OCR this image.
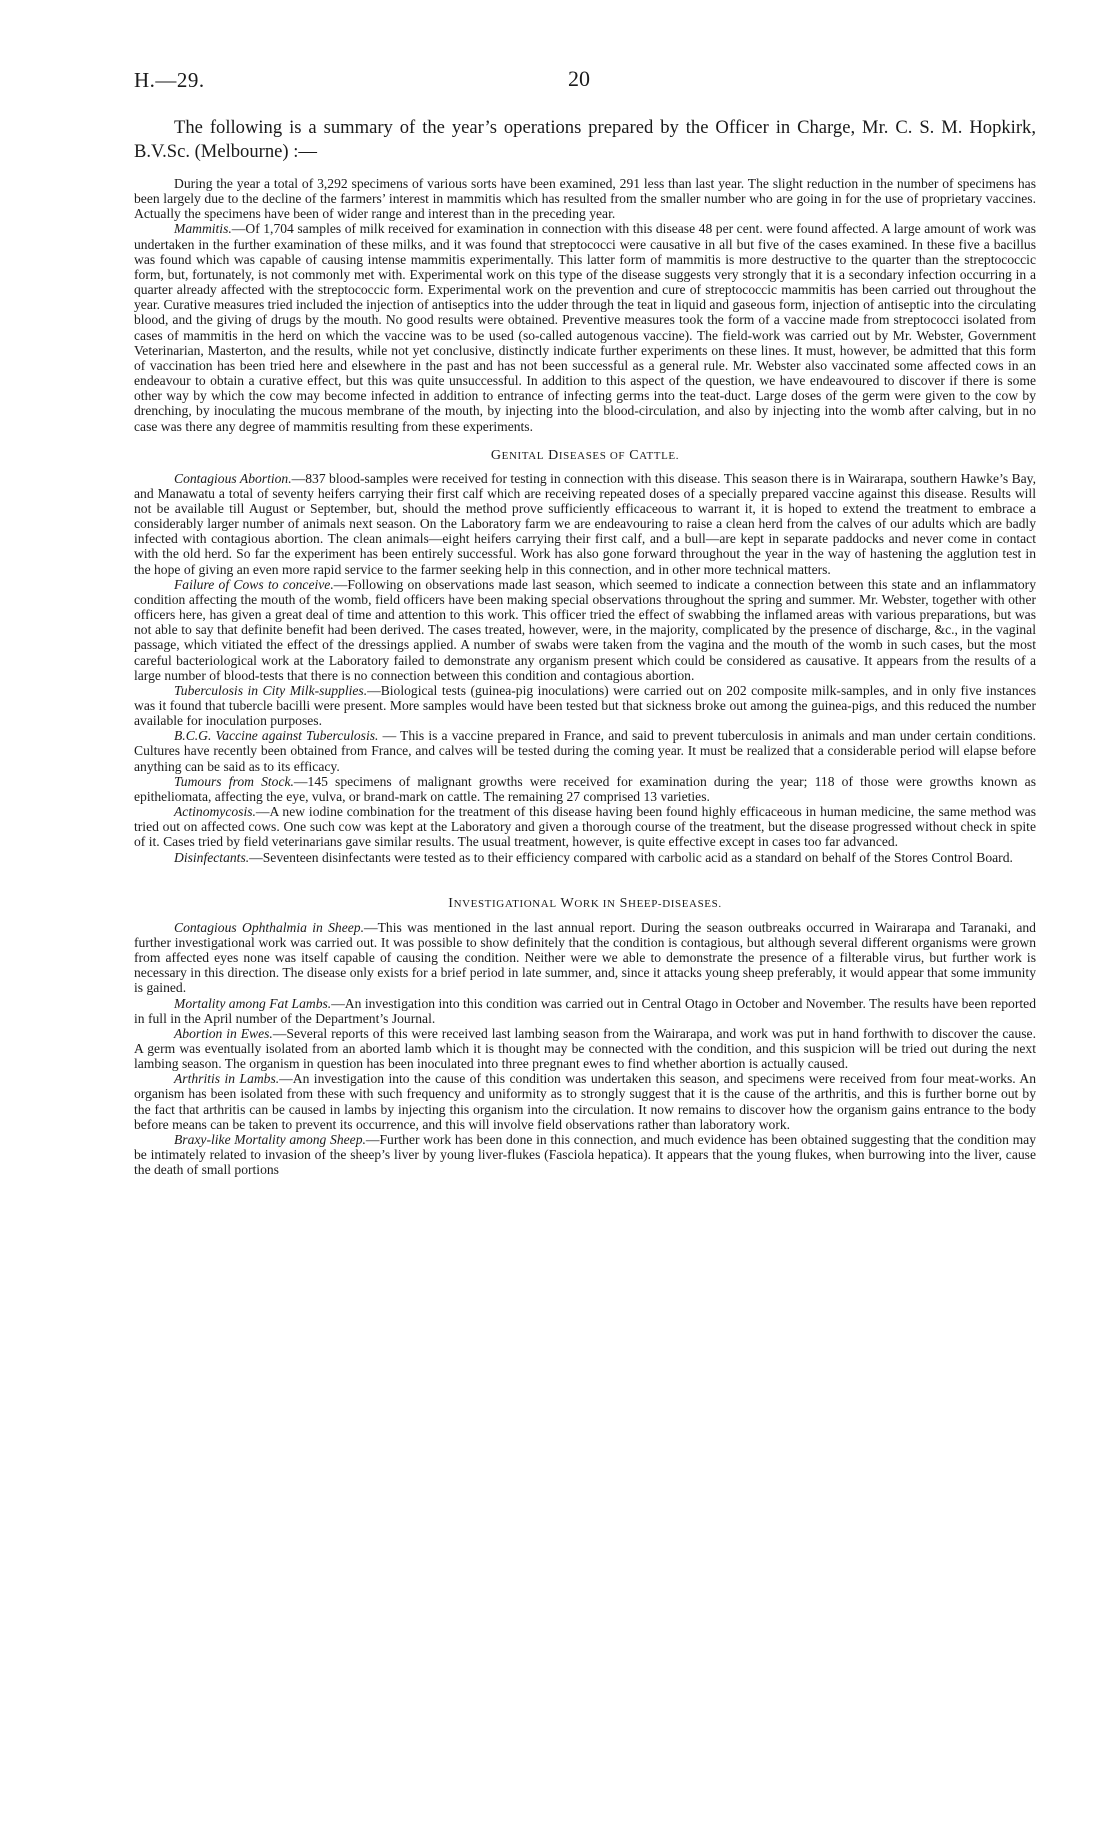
H.—29.	20

The following is a summary of the year’s operations prepared by the Officer in Charge, Mr. C. S. M. Hopkirk, B.V.Sc. (Melbourne) :—

During the year a total of 3,292 specimens of various sorts have been examined, 291 less than last year. The slight reduction in the number of specimens has been largely due to the decline of the farmers’ interest in mammitis which has resulted from the smaller number who are going in for the use of proprietary vaccines. Actually the specimens have been of wider range and interest than in the preceding year.

Mammitis.—Of 1,704 samples of milk received for examination in connection with this disease 48 per cent. were found affected. A large amount of work was undertaken in the further examination of these milks, and it was found that streptococci were causative in all but five of the cases examined. In these five a bacillus was found which was capable of causing intense mammitis experimentally. This latter form of mammitis is more destructive to the quarter than the streptococcic form, but, fortunately, is not commonly met with. Experimental work on this type of the disease suggests very strongly that it is a secondary infection occurring in a quarter already affected with the streptococcic form. Experimental work on the prevention and cure of streptococcic mammitis has been carried out throughout the year. Curative measures tried included the injection of antiseptics into the udder through the teat in liquid and gaseous form, injection of antiseptic into the circulating blood, and the giving of drugs by the mouth. No good results were obtained. Preventive measures took the form of a vaccine made from streptococci isolated from cases of mammitis in the herd on which the vaccine was to be used (so-called autogenous vaccine). The field-work was carried out by Mr. Webster, Government Veterinarian, Masterton, and the results, while not yet conclusive, distinctly indicate further experiments on these lines. It must, however, be admitted that this form of vaccination has been tried here and elsewhere in the past and has not been successful as a general rule. Mr. Webster also vaccinated some affected cows in an endeavour to obtain a curative effect, but this was quite unsuccessful. In addition to this aspect of the question, we have endeavoured to discover if there is some other way by which the cow may become infected in addition to entrance of infecting germs into the teat-duct. Large doses of the germ were given to the cow by drenching, by inoculating the mucous membrane of the mouth, by injecting into the blood-circulation, and also by injecting into the womb after calving, but in no case was there any degree of mammitis resulting from these experiments.

GENITAL DISEASES OF CATTLE.

Contagious Abortion.—837 blood-samples were received for testing in connection with this disease. This season there is in Wairarapa, southern Hawke’s Bay, and Manawatu a total of seventy heifers carrying their first calf which are receiving repeated doses of a specially prepared vaccine against this disease. Results will not be available till August or September, but, should the method prove sufficiently efficaceous to warrant it, it is hoped to extend the treatment to embrace a considerably larger number of animals next season. On the Laboratory farm we are endeavouring to raise a clean herd from the calves of our adults which are badly infected with contagious abortion. The clean animals—eight heifers carrying their first calf, and a bull—are kept in separate paddocks and never come in contact with the old herd. So far the experiment has been entirely successful. Work has also gone forward throughout the year in the way of hastening the agglution test in the hope of giving an even more rapid service to the farmer seeking help in this connection, and in other more technical matters.

Failure of Cows to conceive.—Following on observations made last season, which seemed to indicate a connection between this state and an inflammatory condition affecting the mouth of the womb, field officers have been making special observations throughout the spring and summer. Mr. Webster, together with other officers here, has given a great deal of time and attention to this work. This officer tried the effect of swabbing the inflamed areas with various preparations, but was not able to say that definite benefit had been derived. The cases treated, however, were, in the majority, complicated by the presence of discharge, &c., in the vaginal passage, which vitiated the effect of the dressings applied. A number of swabs were taken from the vagina and the mouth of the womb in such cases, but the most careful bacteriological work at the Laboratory failed to demonstrate any organism present which could be considered as causative. It appears from the results of a large number of blood-tests that there is no connection between this condition and contagious abortion.

Tuberculosis in City Milk-supplies.—Biological tests (guinea-pig inoculations) were carried out on 202 composite milk-samples, and in only five instances was it found that tubercle bacilli were present. More samples would have been tested but that sickness broke out among the guinea-pigs, and this reduced the number available for inoculation purposes.

B.C.G. Vaccine against Tuberculosis. — This is a vaccine prepared in France, and said to prevent tuberculosis in animals and man under certain conditions. Cultures have recently been obtained from France, and calves will be tested during the coming year. It must be realized that a considerable period will elapse before anything can be said as to its efficacy.

Tumours from Stock.—145 specimens of malignant growths were received for examination during the year; 118 of those were growths known as epitheliomata, affecting the eye, vulva, or brand-mark on cattle. The remaining 27 comprised 13 varieties.

Actinomycosis.—A new iodine combination for the treatment of this disease having been found highly efficaceous in human medicine, the same method was tried out on affected cows. One such cow was kept at the Laboratory and given a thorough course of the treatment, but the disease progressed without check in spite of it. Cases tried by field veterinarians gave similar results. The usual treatment, however, is quite effective except in cases too far advanced.

Disinfectants.—Seventeen disinfectants were tested as to their efficiency compared with carbolic acid as a standard on behalf of the Stores Control Board.

INVESTIGATIONAL WORK IN SHEEP-DISEASES.

Contagious Ophthalmia in Sheep.—This was mentioned in the last annual report. During the season outbreaks occurred in Wairarapa and Taranaki, and further investigational work was carried out. It was possible to show definitely that the condition is contagious, but although several different organisms were grown from affected eyes none was itself capable of causing the condition. Neither were we able to demonstrate the presence of a filterable virus, but further work is necessary in this direction. The disease only exists for a brief period in late summer, and, since it attacks young sheep preferably, it would appear that some immunity is gained.

Mortality among Fat Lambs.—An investigation into this condition was carried out in Central Otago in October and November. The results have been reported in full in the April number of the Department’s Journal.

Abortion in Ewes.—Several reports of this were received last lambing season from the Wairarapa, and work was put in hand forthwith to discover the cause. A germ was eventually isolated from an aborted lamb which it is thought may be connected with the condition, and this suspicion will be tried out during the next lambing season. The organism in question has been inoculated into three pregnant ewes to find whether abortion is actually caused.

Arthritis in Lambs.—An investigation into the cause of this condition was undertaken this season, and specimens were received from four meat-works. An organism has been isolated from these with such frequency and uniformity as to strongly suggest that it is the cause of the arthritis, and this is further borne out by the fact that arthritis can be caused in lambs by injecting this organism into the circulation. It now remains to discover how the organism gains entrance to the body before means can be taken to prevent its occurrence, and this will involve field observations rather than laboratory work.

Braxy-like Mortality among Sheep.—Further work has been done in this connection, and much evidence has been obtained suggesting that the condition may be intimately related to invasion of the sheep’s liver by young liver-flukes (Fasciola hepatica). It appears that the young flukes, when burrowing into the liver, cause the death of small portions
